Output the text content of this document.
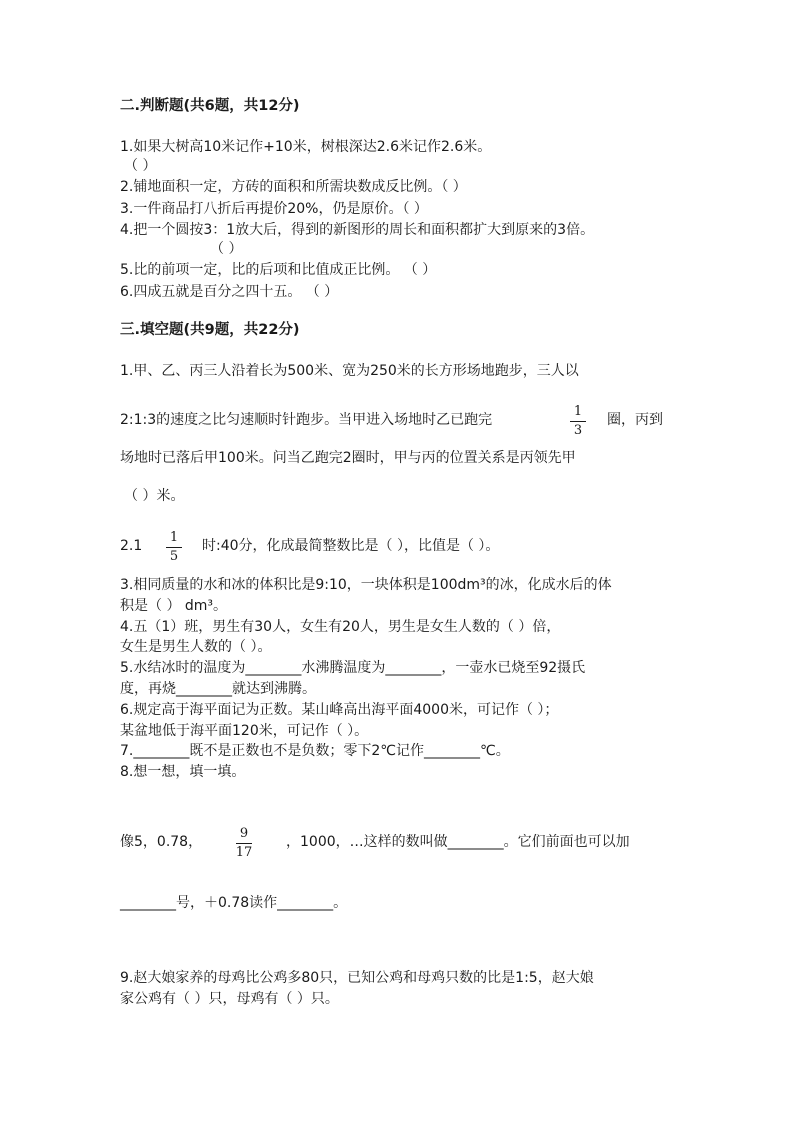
二.判断题(共6题，共12分)
1.如果大树高10米记作+10米，树根深达2.6米记作2.6米。
（ ）
2.铺地面积一定，方砖的面积和所需块数成反比例。（ ）
3.一件商品打八折后再提价20%，仍是原价。（ ）
4.把一个圆按3：1放大后，得到的新图形的周长和面积都扩大到原来的3倍。
（ ）
5.比的前项一定，比的后项和比值成正比例。 （ ）
6.四成五就是百分之四十五。 （ ）
三.填空题(共9题，共22分)
1.甲、乙、丙三人沿着长为500米、宽为250米的长方形场地跑步，三人以
2:1:3的速度之比匀速顺时针跑步。当甲进入场地时乙已跑完
1
3
圈，丙到
场地时已落后甲100米。问当乙跑完2圈时，甲与丙的位置关系是丙领先甲
（ ）米。
2.1
1
5
时:40分，化成最简整数比是（ ），比值是（ ）。
3.相同质量的水和冰的体积比是9:10，一块体积是100dm³的冰，化成水后的体
积是（ ） dm³。
4.五（1）班，男生有30人，女生有20人，男生是女生人数的（ ）倍，
女生是男生人数的（ ）。
5.水结冰时的温度为________水沸腾温度为________，一壶水已烧至92摄氏
度，再烧________就达到沸腾。
6.规定高于海平面记为正数。某山峰高出海平面4000米，可记作（ ）；
某盆地低于海平面120米，可记作（ ）。
7.________既不是正数也不是负数；零下2℃记作________℃。
8.想一想，填一填。
像5，0.78，
9
17
，1000，…这样的数叫做________。它们前面也可以加
________号，＋0.78读作________。
9.赵大娘家养的母鸡比公鸡多80只，已知公鸡和母鸡只数的比是1:5，赵大娘
家公鸡有（ ）只，母鸡有（ ）只。
